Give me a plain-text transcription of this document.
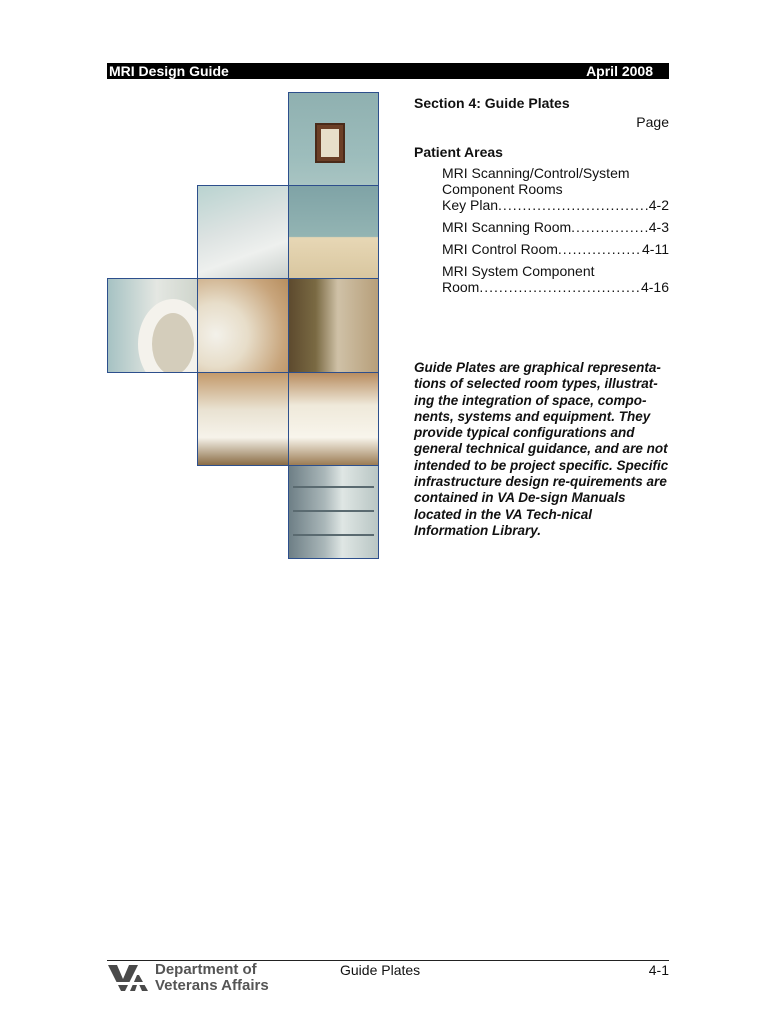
MRI Design Guide	April 2008
Section 4: Guide Plates
Page
Patient Areas
MRI Scanning/Control/System
Component Rooms
Key Plan .....	4-2
MRI Scanning Room .....	4-3
MRI Control Room .....	4-11
MRI System Component
Room .....	4-16

Guide Plates are graphical representa-tions of selected room types, illustrat-ing the integration of space, compo-nents, systems and equipment. They provide typical configurations and general technical guidance, and are not intended to be project specific. Specific infrastructure design re-quirements are contained in VA De-sign Manuals located in the VA Tech-nical Information Library.

Department of
Veterans Affairs
Guide Plates	4-1
